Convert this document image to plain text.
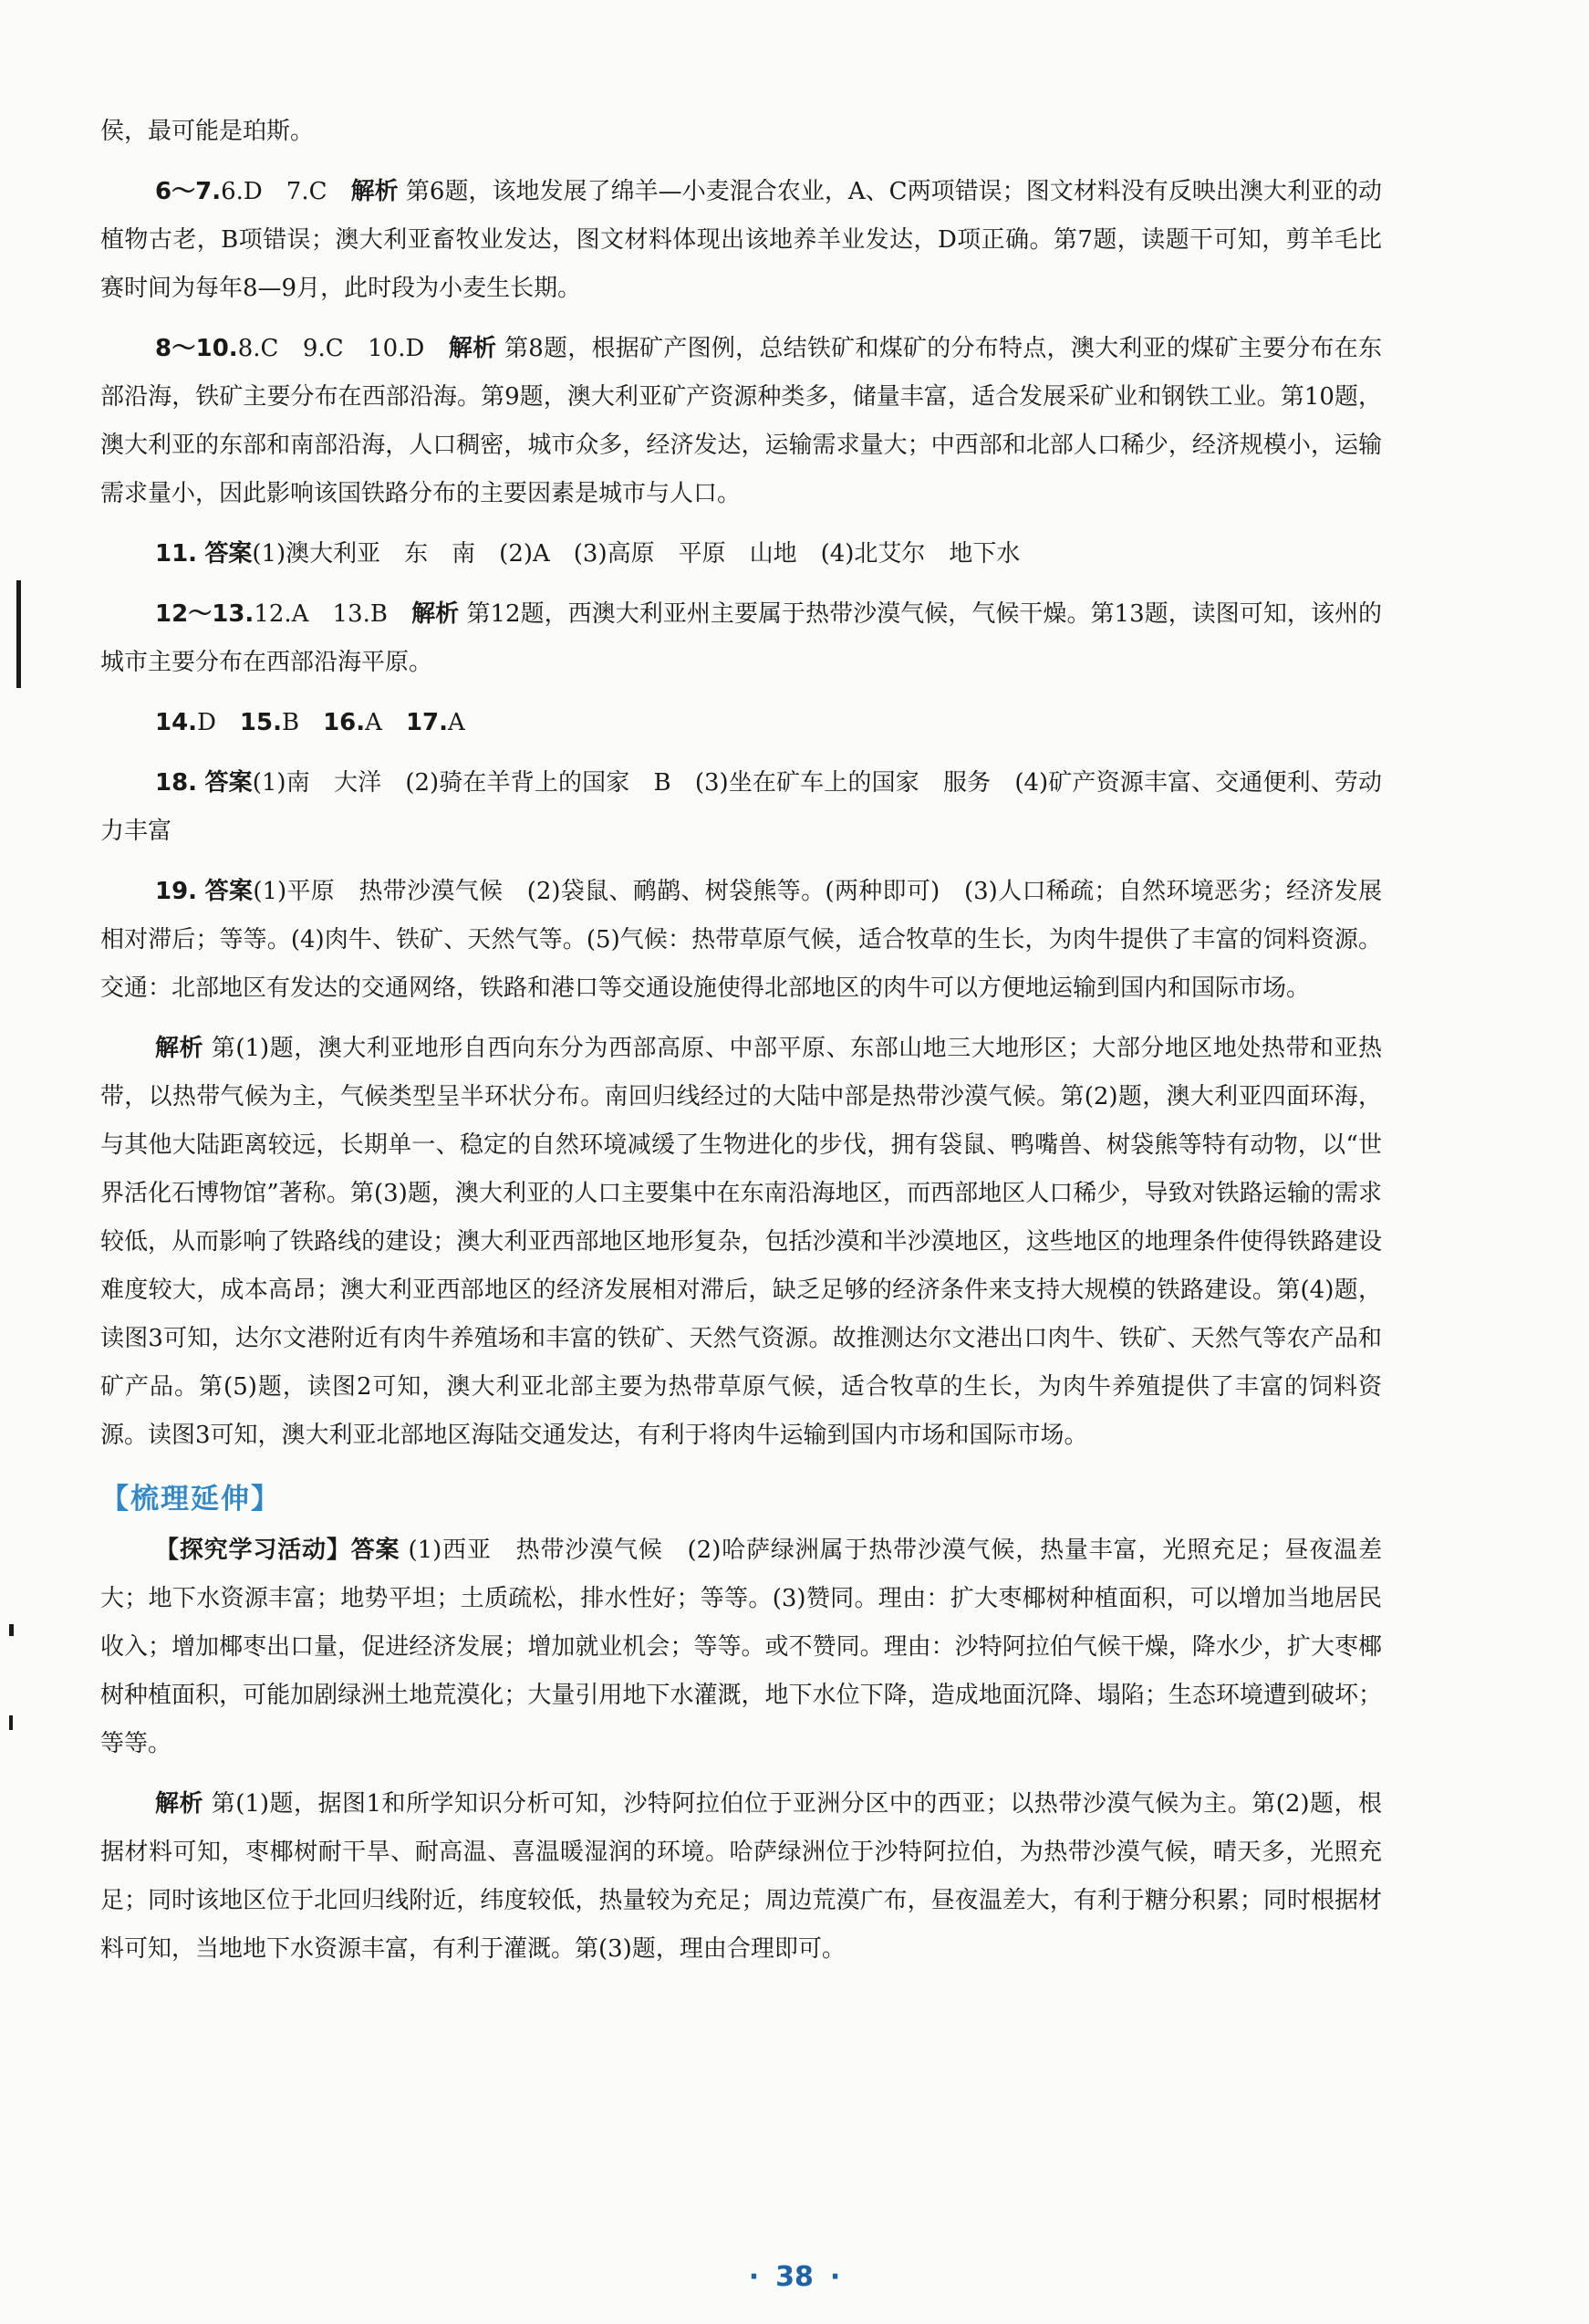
侯，最可能是珀斯。

6～7.6.D　7.C　解析 第6题，该地发展了绵羊—小麦混合农业，A、C两项错误；图文材料没有反映出澳大利亚的动植物古老，B项错误；澳大利亚畜牧业发达，图文材料体现出该地养羊业发达，D项正确。第7题，读题干可知，剪羊毛比赛时间为每年8—9月，此时段为小麦生长期。

8～10.8.C　9.C　10.D　解析 第8题，根据矿产图例，总结铁矿和煤矿的分布特点，澳大利亚的煤矿主要分布在东部沿海，铁矿主要分布在西部沿海。第9题，澳大利亚矿产资源种类多，储量丰富，适合发展采矿业和钢铁工业。第10题，澳大利亚的东部和南部沿海，人口稠密，城市众多，经济发达，运输需求量大；中西部和北部人口稀少，经济规模小，运输需求量小，因此影响该国铁路分布的主要因素是城市与人口。

11. 答案(1)澳大利亚　东　南　(2)A　(3)高原　平原　山地　(4)北艾尔　地下水

12～13.12.A　13.B　解析 第12题，西澳大利亚州主要属于热带沙漠气候，气候干燥。第13题，读图可知，该州的城市主要分布在西部沿海平原。

14.D　15.B　16.A　17.A

18. 答案(1)南　大洋　(2)骑在羊背上的国家　B　(3)坐在矿车上的国家　服务　(4)矿产资源丰富、交通便利、劳动力丰富

19. 答案(1)平原　热带沙漠气候　(2)袋鼠、鸸鹋、树袋熊等。(两种即可)　(3)人口稀疏；自然环境恶劣；经济发展相对滞后；等等。(4)肉牛、铁矿、天然气等。(5)气候：热带草原气候，适合牧草的生长，为肉牛提供了丰富的饲料资源。交通：北部地区有发达的交通网络，铁路和港口等交通设施使得北部地区的肉牛可以方便地运输到国内和国际市场。

解析 第(1)题，澳大利亚地形自西向东分为西部高原、中部平原、东部山地三大地形区；大部分地区地处热带和亚热带，以热带气候为主，气候类型呈半环状分布。南回归线经过的大陆中部是热带沙漠气候。第(2)题，澳大利亚四面环海，与其他大陆距离较远，长期单一、稳定的自然环境减缓了生物进化的步伐，拥有袋鼠、鸭嘴兽、树袋熊等特有动物，以“世界活化石博物馆”著称。第(3)题，澳大利亚的人口主要集中在东南沿海地区，而西部地区人口稀少，导致对铁路运输的需求较低，从而影响了铁路线的建设；澳大利亚西部地区地形复杂，包括沙漠和半沙漠地区，这些地区的地理条件使得铁路建设难度较大，成本高昂；澳大利亚西部地区的经济发展相对滞后，缺乏足够的经济条件来支持大规模的铁路建设。第(4)题，读图3可知，达尔文港附近有肉牛养殖场和丰富的铁矿、天然气资源。故推测达尔文港出口肉牛、铁矿、天然气等农产品和矿产品。第(5)题，读图2可知，澳大利亚北部主要为热带草原气候，适合牧草的生长，为肉牛养殖提供了丰富的饲料资源。读图3可知，澳大利亚北部地区海陆交通发达，有利于将肉牛运输到国内市场和国际市场。

【梳理延伸】

【探究学习活动】答案 (1)西亚　热带沙漠气候　(2)哈萨绿洲属于热带沙漠气候，热量丰富，光照充足；昼夜温差大；地下水资源丰富；地势平坦；土质疏松，排水性好；等等。(3)赞同。理由：扩大枣椰树种植面积，可以增加当地居民收入；增加椰枣出口量，促进经济发展；增加就业机会；等等。或不赞同。理由：沙特阿拉伯气候干燥，降水少，扩大枣椰树种植面积，可能加剧绿洲土地荒漠化；大量引用地下水灌溉，地下水位下降，造成地面沉降、塌陷；生态环境遭到破坏；等等。

解析 第(1)题，据图1和所学知识分析可知，沙特阿拉伯位于亚洲分区中的西亚；以热带沙漠气候为主。第(2)题，根据材料可知，枣椰树耐干旱、耐高温、喜温暖湿润的环境。哈萨绿洲位于沙特阿拉伯，为热带沙漠气候，晴天多，光照充足；同时该地区位于北回归线附近，纬度较低，热量较为充足；周边荒漠广布，昼夜温差大，有利于糖分积累；同时根据材料可知，当地地下水资源丰富，有利于灌溉。第(3)题，理由合理即可。

· 38 ·
